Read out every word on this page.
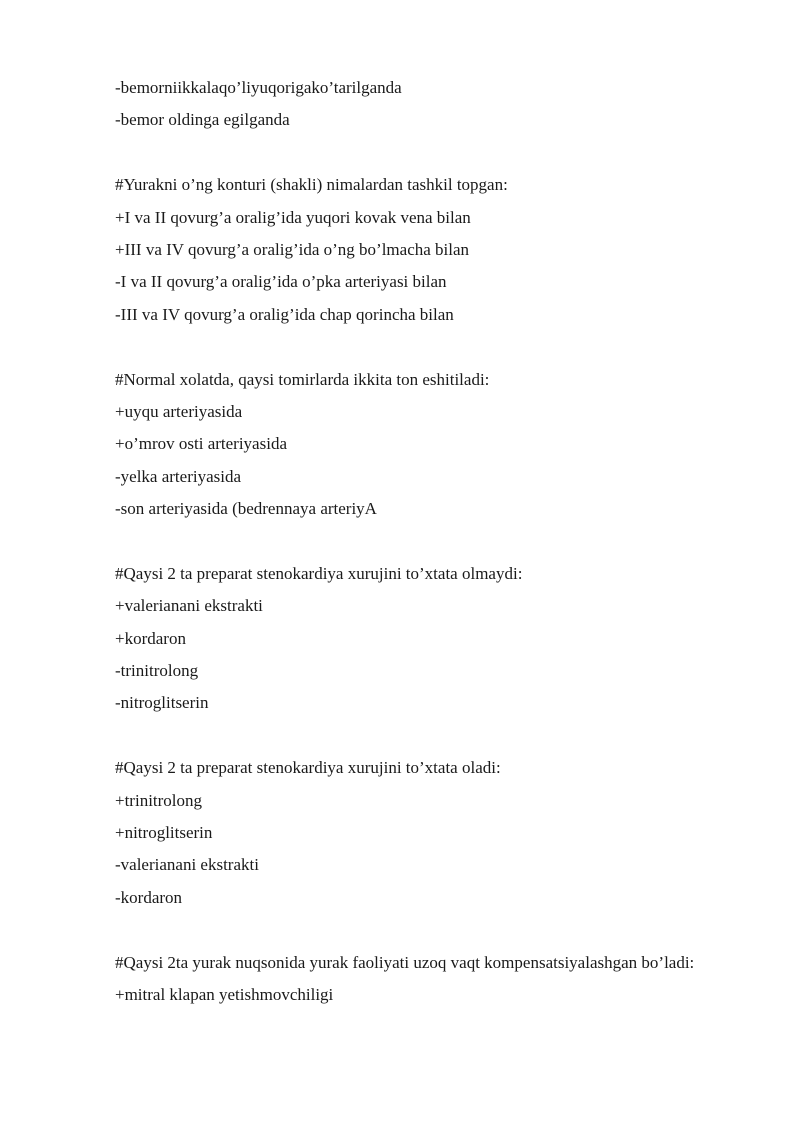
-bemorniikkalaqo’liyuqorigako’tarilganda
-bemor oldinga egilganda
#Yurakni o’ng konturi (shakli) nimalardan tashkil topgan:
+I va II qovurg’a oralig’ida yuqori kovak vena bilan
+III va IV qovurg’a oralig’ida o’ng bo’lmacha bilan
-I va II qovurg’a oralig’ida o’pka arteriyasi bilan
-III va IV qovurg’a oralig’ida chap qorincha bilan
#Normal xolatda, qaysi tomirlarda ikkita ton eshitiladi:
+uyqu arteriyasida
+o’mrov osti arteriyasida
-yelka arteriyasida
-son arteriyasida (bedrennaya arteriyA
#Qaysi 2 ta preparat stenokardiya xurujini to’xtata olmaydi:
+valerianani ekstrakti
+kordaron
-trinitrolong
-nitroglitserin
#Qaysi 2 ta preparat stenokardiya xurujini to’xtata oladi:
+trinitrolong
+nitroglitserin
-valerianani ekstrakti
-kordaron
#Qaysi 2ta yurak nuqsonida yurak faoliyati uzoq vaqt kompensatsiyalashgan bo’ladi:
+mitral klapan yetishmovchiligi
